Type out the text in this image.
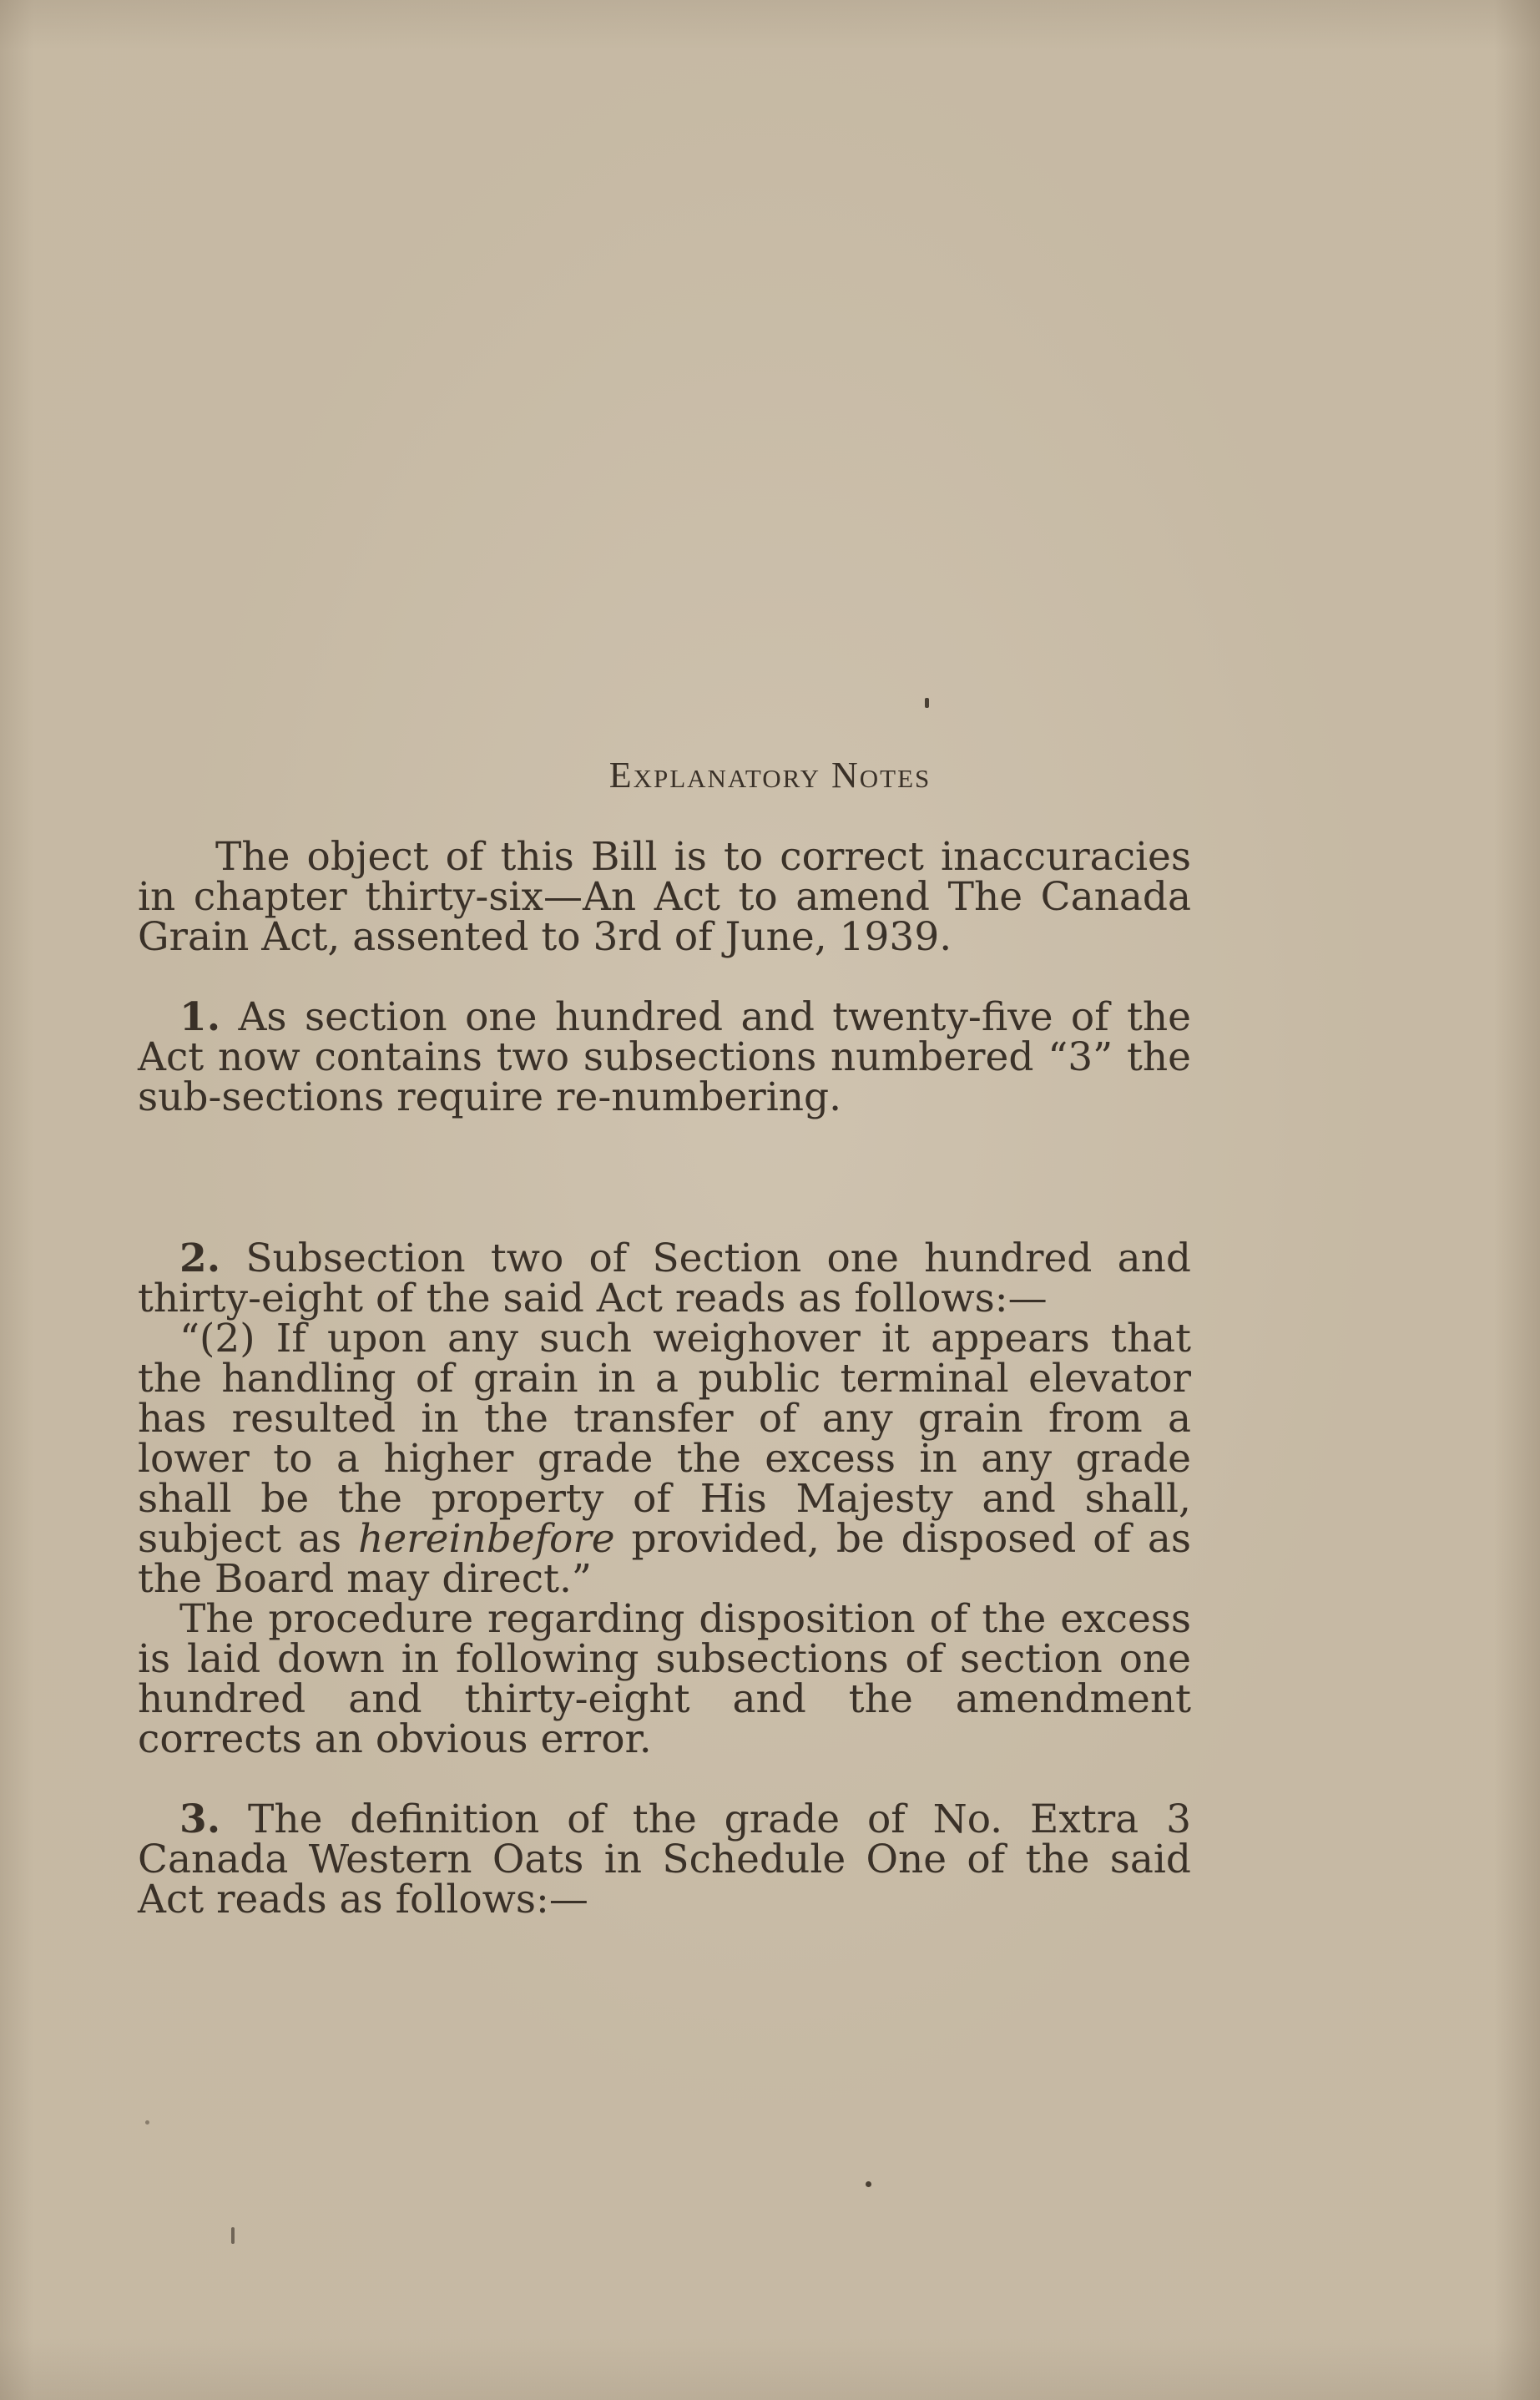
Explanatory Notes

The object of this Bill is to correct inaccuracies in chapter thirty-six—An Act to amend The Canada Grain Act, assented to 3rd of June, 1939.

1. As section one hundred and twenty-five of the Act now contains two subsections numbered “3” the sub-sections require re-numbering.

2. Subsection two of Section one hundred and thirty-eight of the said Act reads as follows:—

“(2) If upon any such weighover it appears that the handling of grain in a public terminal elevator has resulted in the transfer of any grain from a lower to a higher grade the excess in any grade shall be the property of His Majesty and shall, subject as hereinbefore provided, be disposed of as the Board may direct.”

The procedure regarding disposition of the excess is laid down in following subsections of section one hundred and thirty-eight and the amendment corrects an obvious error.

3. The definition of the grade of No. Extra 3 Canada Western Oats in Schedule One of the said Act reads as follows:—
